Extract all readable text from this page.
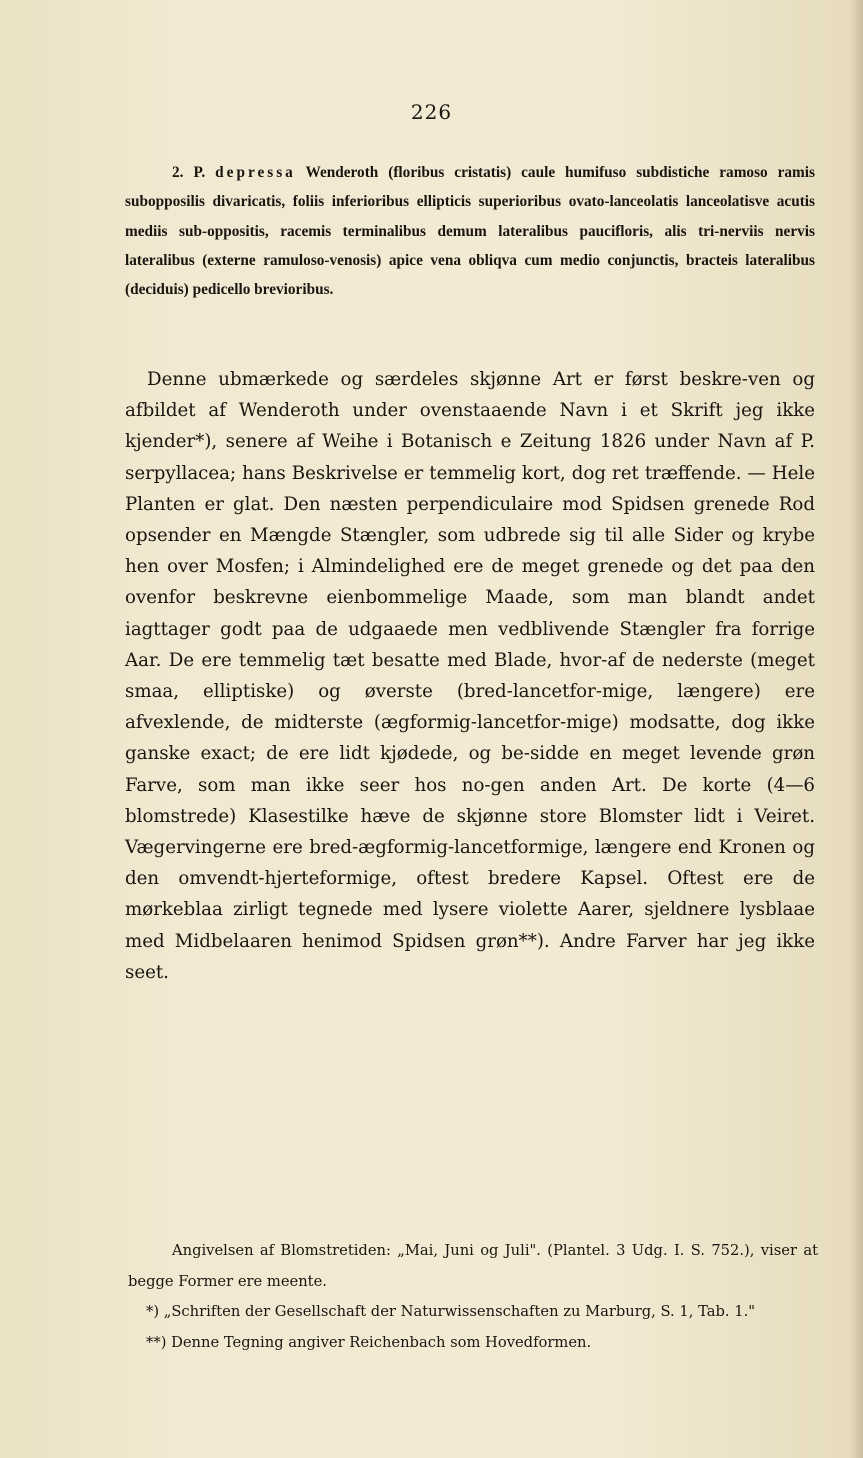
226

2. P. depressa Wenderoth (floribus cristatis) caule humifuso subdistiche ramoso ramis subopposilis divaricatis, foliis inferioribus ellipticis superioribus ovato-lanceolatis lanceolatisve acutis mediis sub-oppositis, racemis terminalibus demum lateralibus paucifloris, alis tri-nerviis nervis lateralibus (externe ramuloso-venosis) apice vena obliqva cum medio conjunctis, bracteis lateralibus (deciduis) pedicello brevioribus.

Denne ubmærkede og særdeles skjønne Art er først beskre-ven og afbildet af Wenderoth under ovenstaaende Navn i et Skrift jeg ikke kjender*), senere af Weihe i Botanisch e Zeitung 1826 under Navn af P. serpyllacea; hans Beskrivelse er temmelig kort, dog ret træffende. — Hele Planten er glat. Den næsten perpendiculaire mod Spidsen grenede Rod opsender en Mængde Stængler, som udbrede sig til alle Sider og krybe hen over Mosfen; i Almindelighed ere de meget grenede og det paa den ovenfor beskrevne eienbommelige Maade, som man blandt andet iagttager godt paa de udgaaede men vedblivende Stængler fra forrige Aar. De ere temmelig tæt besatte med Blade, hvor-af de nederste (meget smaa, elliptiske) og øverste (bred-lancetfor-mige, længere) ere afvexlende, de midterste (ægformig-lancetfor-mige) modsatte, dog ikke ganske exact; de ere lidt kjødede, og be-sidde en meget levende grøn Farve, som man ikke seer hos no-gen anden Art. De korte (4—6 blomstrede) Klasestilke hæve de skjønne store Blomster lidt i Veiret. Vægervingerne ere bred-ægformig-lancetformige, længere end Kronen og den omvendt-hjerteformige, oftest bredere Kapsel. Oftest ere de mørkeblaa zirligt tegnede med lysere violette Aarer, sjeldnere lysblaae med Midbelaaren henimod Spidsen grøn**). Andre Farver har jeg ikke seet.

Angivelsen af Blomstretiden: „Mai, Juni og Juli". (Plantel. 3 Udg. I. S. 752.), viser at begge Former ere meente.

*) „Schriften der Gesellschaft der Naturwissenschaften zu Marburg, S. 1, Tab. 1."

**) Denne Tegning angiver Reichenbach som Hovedformen.
